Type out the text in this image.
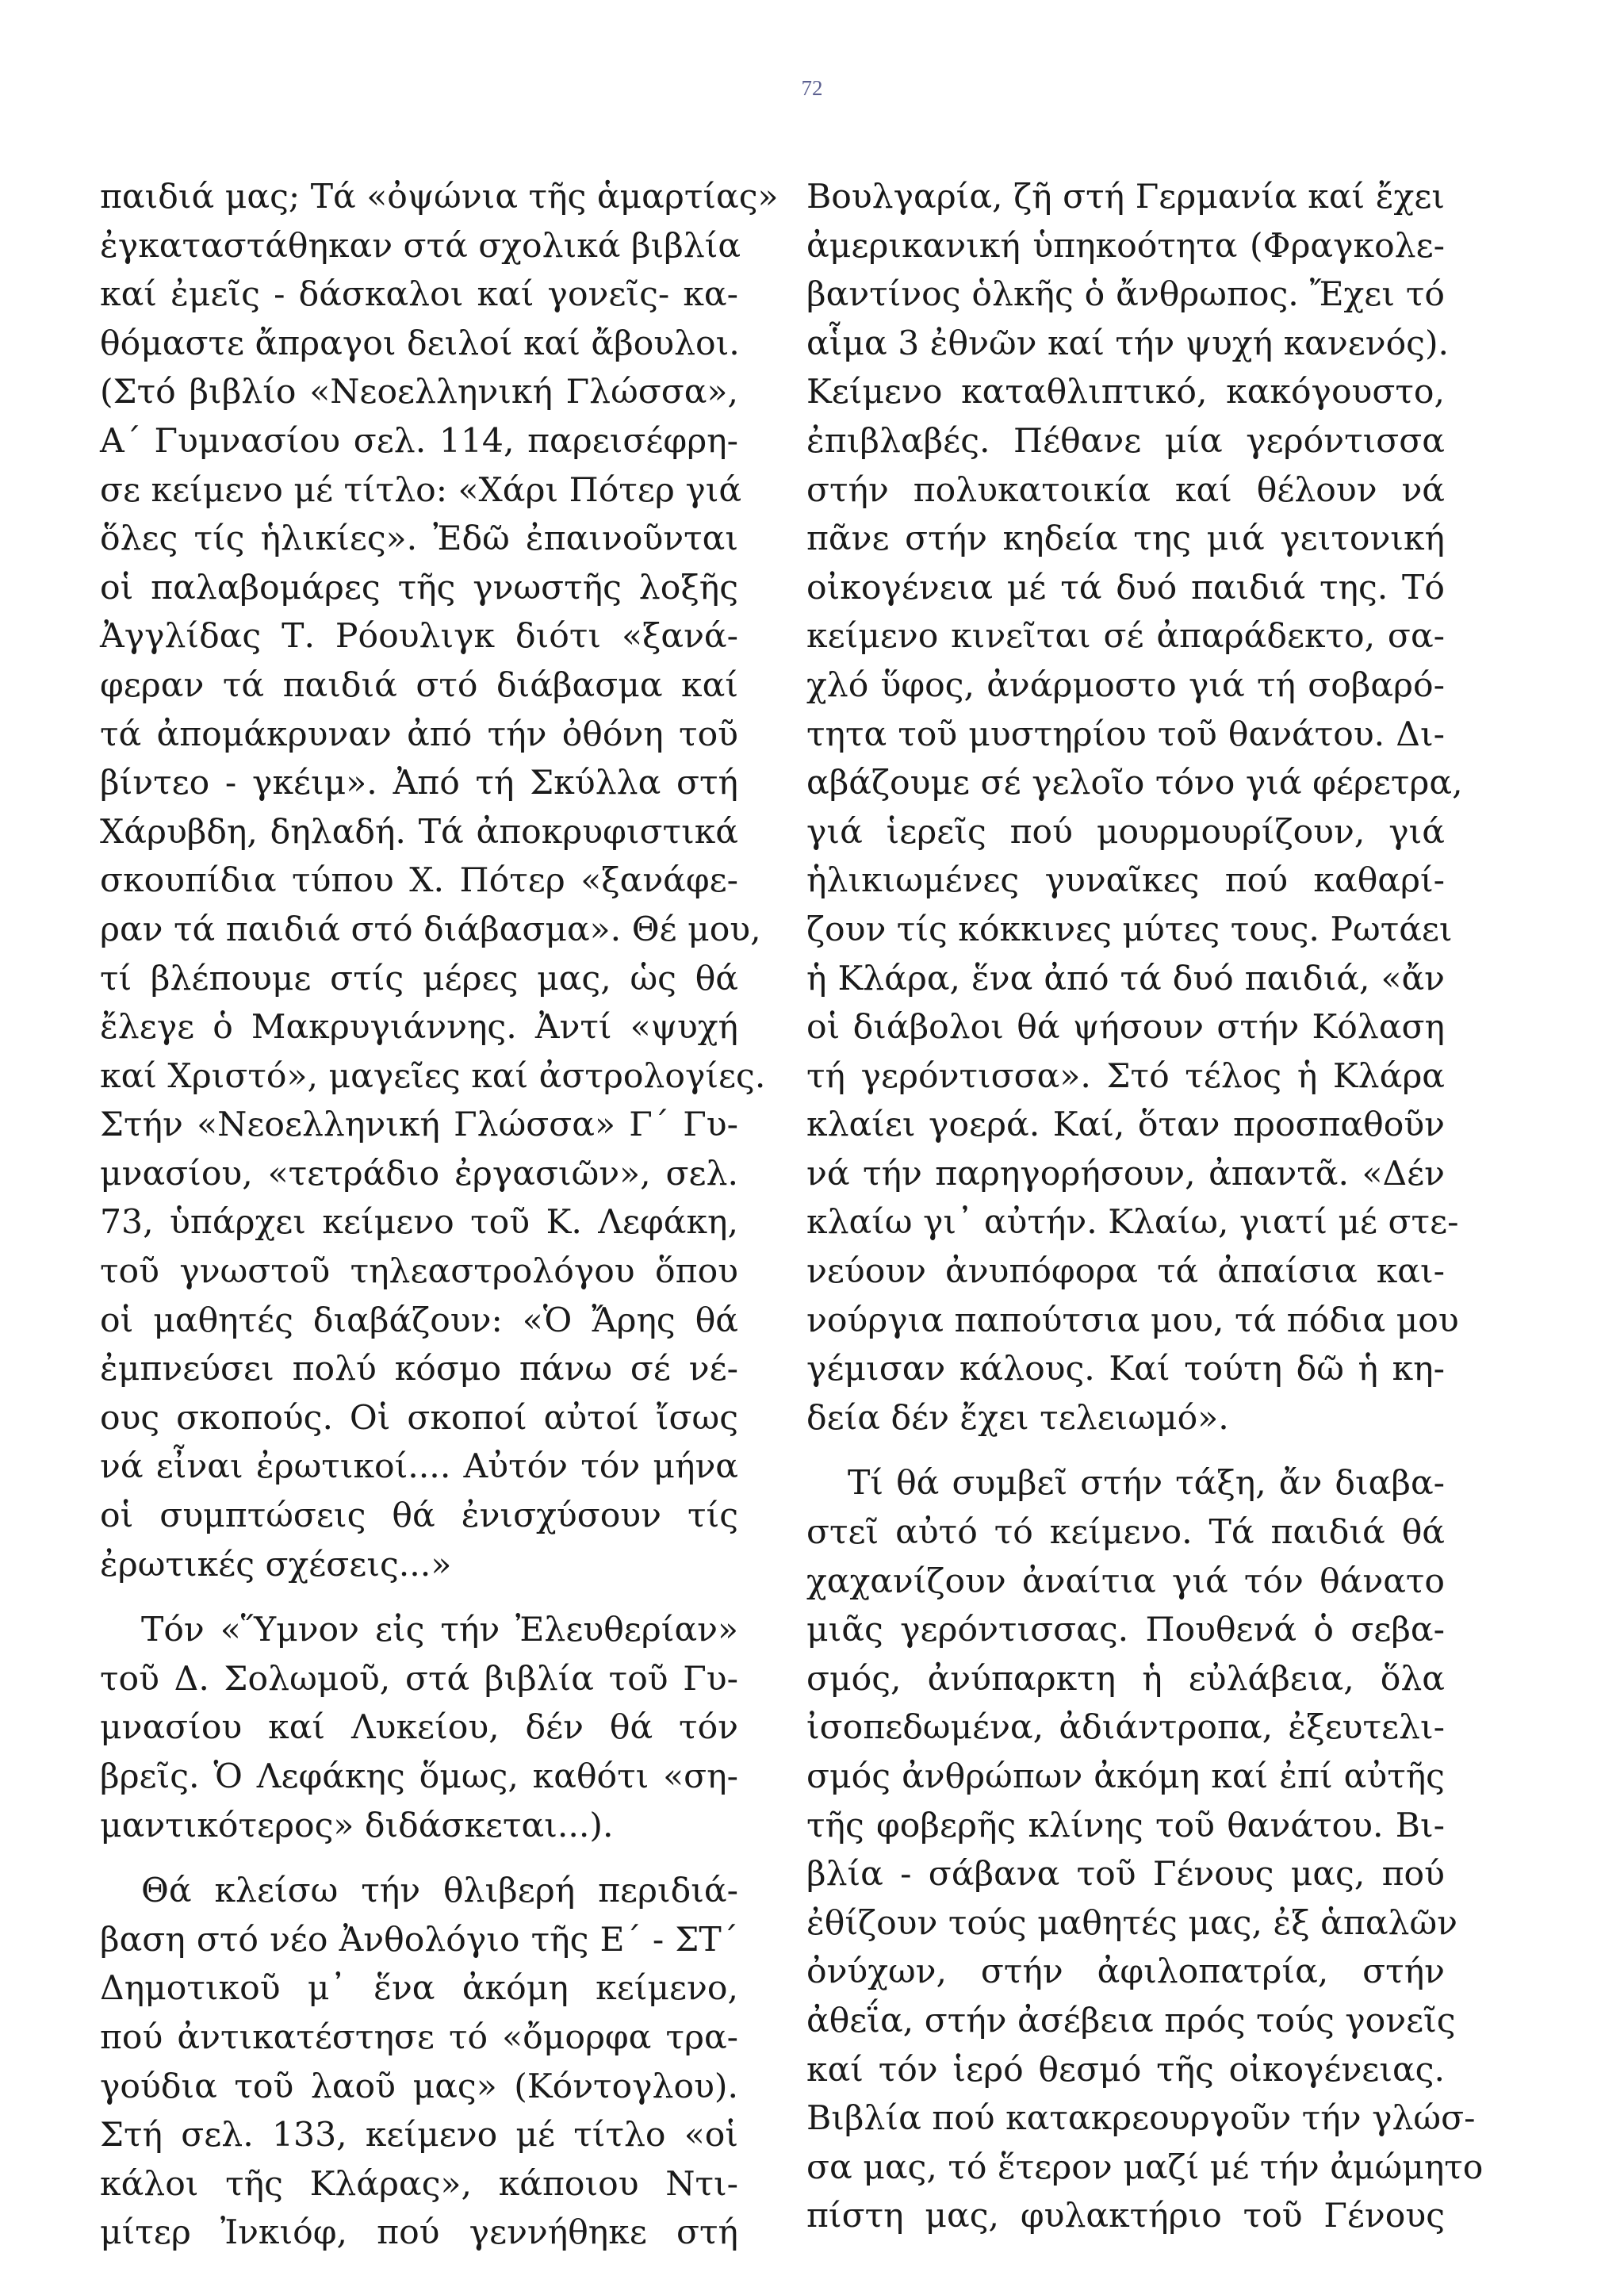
72
παιδιά μας; Τά «ὀψώνια τῆς ἁμαρτίας»
ἐγκαταστάθηκαν στά σχολικά βιβλία
καί ἐμεῖς - δάσκαλοι καί γονεῖς- κα-
θόμαστε ἄπραγοι δειλοί καί ἄβουλοι.
(Στό βιβλίο «Νεοελληνική Γλώσσα»,
Α΄ Γυμνασίου σελ. 114, παρεισέφρη-
σε κείμενο μέ τίτλο: «Χάρι Πότερ γιά
ὅλες τίς ἡλικίες». Ἐδῶ ἐπαινοῦνται
οἱ παλαβομάρες τῆς γνωστῆς λοξῆς
Ἀγγλίδας Τ. Ρόουλιγκ διότι «ξανά-
φεραν τά παιδιά στό διάβασμα καί
τά ἀπομάκρυναν ἀπό τήν ὀθόνη τοῦ
βίντεο - γκέιμ». Ἀπό τή Σκύλλα στή
Χάρυβδη, δηλαδή. Τά ἀποκρυφιστικά
σκουπίδια τύπου Χ. Πότερ «ξανάφε-
ραν τά παιδιά στό διάβασμα». Θέ μου,
τί βλέπουμε στίς μέρες μας, ὡς θά
ἔλεγε ὁ Μακρυγιάννης. Ἀντί «ψυχή
καί Χριστό», μαγεῖες καί ἀστρολογίες.
Στήν «Νεοελληνική Γλώσσα» Γ΄ Γυ-
μνασίου, «τετράδιο ἐργασιῶν», σελ.
73, ὑπάρχει κείμενο τοῦ Κ. Λεφάκη,
τοῦ γνωστοῦ τηλεαστρολόγου ὅπου
οἱ μαθητές διαβάζουν: «Ὁ Ἄρης θά
ἐμπνεύσει πολύ κόσμο πάνω σέ νέ-
ους σκοπούς. Οἱ σκοποί αὐτοί ἴσως
νά εἶναι ἐρωτικοί.... Αὐτόν τόν μήνα
οἱ συμπτώσεις θά ἐνισχύσουν τίς
ἐρωτικές σχέσεις...»
Τόν «Ὕμνον εἰς τήν Ἐλευθερίαν»
τοῦ Δ. Σολωμοῦ, στά βιβλία τοῦ Γυ-
μνασίου καί Λυκείου, δέν θά τόν
βρεῖς. Ὁ Λεφάκης ὅμως, καθότι «ση-
μαντικότερος» διδάσκεται...).
Θά κλείσω τήν θλιβερή περιδιά-
βαση στό νέο Ἀνθολόγιο τῆς Ε΄ - ΣΤ΄
Δημοτικοῦ μ᾽ ἕνα ἀκόμη κείμενο,
πού ἀντικατέστησε τό «ὄμορφα τρα-
γούδια τοῦ λαοῦ μας» (Κόντογλου).
Στή σελ. 133, κείμενο μέ τίτλο «οἱ
κάλοι τῆς Κλάρας», κάποιου Ντι-
μίτερ Ἰνκιόφ, πού γεννήθηκε στή
Βουλγαρία, ζῆ στή Γερμανία καί ἔχει
ἀμερικανική ὑπηκοότητα (Φραγκολε-
βαντίνος ὁλκῆς ὁ ἄνθρωπος. Ἔχει τό
αἷμα 3 ἐθνῶν καί τήν ψυχή κανενός).
Κείμενο καταθλιπτικό, κακόγουστο,
ἐπιβλαβές. Πέθανε μία γερόντισσα
στήν πολυκατοικία καί θέλουν νά
πᾶνε στήν κηδεία της μιά γειτονική
οἰκογένεια μέ τά δυό παιδιά της. Τό
κείμενο κινεῖται σέ ἀπαράδεκτο, σα-
χλό ὕφος, ἀνάρμοστο γιά τή σοβαρό-
τητα τοῦ μυστηρίου τοῦ θανάτου. Δι-
αβάζουμε σέ γελοῖο τόνο γιά φέρετρα,
γιά ἱερεῖς πού μουρμουρίζουν, γιά
ἡλικιωμένες γυναῖκες πού καθαρί-
ζουν τίς κόκκινες μύτες τους. Ρωτάει
ἡ Κλάρα, ἕνα ἀπό τά δυό παιδιά, «ἄν
οἱ διάβολοι θά ψήσουν στήν Κόλαση
τή γερόντισσα». Στό τέλος ἡ Κλάρα
κλαίει γοερά. Καί, ὅταν προσπαθοῦν
νά τήν παρηγορήσουν, ἀπαντᾶ. «Δέν
κλαίω γι᾽ αὐτήν. Κλαίω, γιατί μέ στε-
νεύουν ἀνυπόφορα τά ἀπαίσια και-
νούργια παπούτσια μου, τά πόδια μου
γέμισαν κάλους. Καί τούτη δῶ ἡ κη-
δεία δέν ἔχει τελειωμό».
Τί θά συμβεῖ στήν τάξη, ἄν διαβα-
στεῖ αὐτό τό κείμενο. Τά παιδιά θά
χαχανίζουν ἀναίτια γιά τόν θάνατο
μιᾶς γερόντισσας. Πουθενά ὁ σεβα-
σμός, ἀνύπαρκτη ἡ εὐλάβεια, ὅλα
ἰσοπεδωμένα, ἀδιάντροπα, ἐξευτελι-
σμός ἀνθρώπων ἀκόμη καί ἐπί αὐτῆς
τῆς φοβερῆς κλίνης τοῦ θανάτου. Βι-
βλία - σάβανα τοῦ Γένους μας, πού
ἐθίζουν τούς μαθητές μας, ἐξ ἁπαλῶν
ὀνύχων, στήν ἀφιλοπατρία, στήν
ἀθεΐα, στήν ἀσέβεια πρός τούς γονεῖς
καί τόν ἱερό θεσμό τῆς οἰκογένειας.
Βιβλία πού κατακρεουργοῦν τήν γλώσ-
σα μας, τό ἕτερον μαζί μέ τήν ἀμώμητο
πίστη μας, φυλακτήριο τοῦ Γένους
